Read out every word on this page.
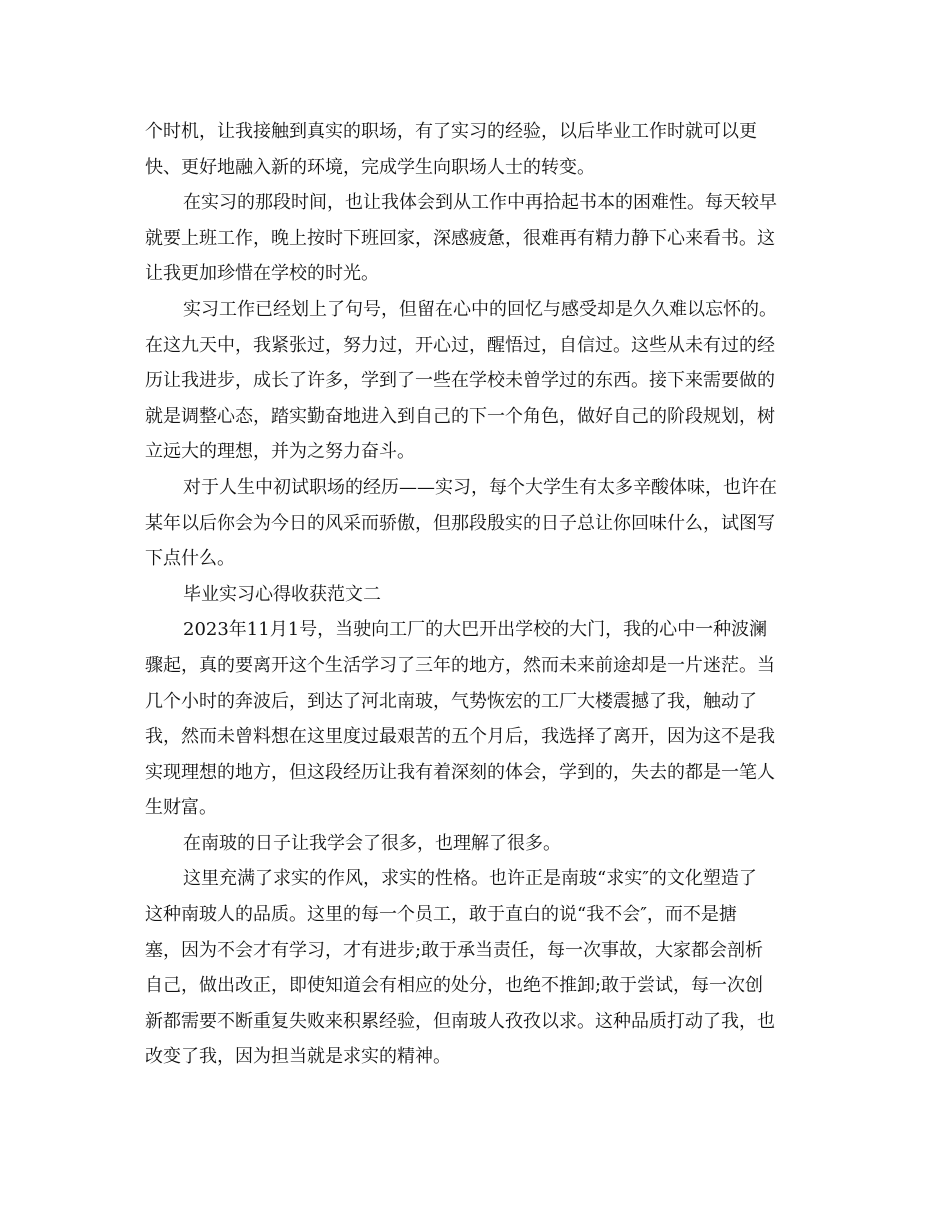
个时机，让我接触到真实的职场，有了实习的经验，以后毕业工作时就可以更
快、更好地融入新的环境，完成学生向职场人士的转变。
在实习的那段时间，也让我体会到从工作中再拾起书本的困难性。每天较早
就要上班工作，晚上按时下班回家，深感疲惫，很难再有精力静下心来看书。这
让我更加珍惜在学校的时光。
实习工作已经划上了句号，但留在心中的回忆与感受却是久久难以忘怀的。
在这九天中，我紧张过，努力过，开心过，醒悟过，自信过。这些从未有过的经
历让我进步，成长了许多，学到了一些在学校未曾学过的东西。接下来需要做的
就是调整心态，踏实勤奋地进入到自己的下一个角色，做好自己的阶段规划，树
立远大的理想，并为之努力奋斗。
对于人生中初试职场的经历——实习，每个大学生有太多辛酸体味，也许在
某年以后你会为今日的风采而骄傲，但那段殷实的日子总让你回味什么，试图写
下点什么。
毕业实习心得收获范文二
2023年11月1号，当驶向工厂的大巴开出学校的大门，我的心中一种波澜
骤起，真的要离开这个生活学习了三年的地方，然而未来前途却是一片迷茫。当
几个小时的奔波后，到达了河北南玻，气势恢宏的工厂大楼震撼了我，触动了
我，然而未曾料想在这里度过最艰苦的五个月后，我选择了离开，因为这不是我
实现理想的地方，但这段经历让我有着深刻的体会，学到的，失去的都是一笔人
生财富。
在南玻的日子让我学会了很多，也理解了很多。
这里充满了求实的作风，求实的性格。也许正是南玻“求实″的文化塑造了
这种南玻人的品质。这里的每一个员工，敢于直白的说“我不会″，而不是搪
塞，因为不会才有学习，才有进步;敢于承当责任，每一次事故，大家都会剖析
自己，做出改正，即使知道会有相应的处分，也绝不推卸;敢于尝试，每一次创
新都需要不断重复失败来积累经验，但南玻人孜孜以求。这种品质打动了我，也
改变了我，因为担当就是求实的精神。
